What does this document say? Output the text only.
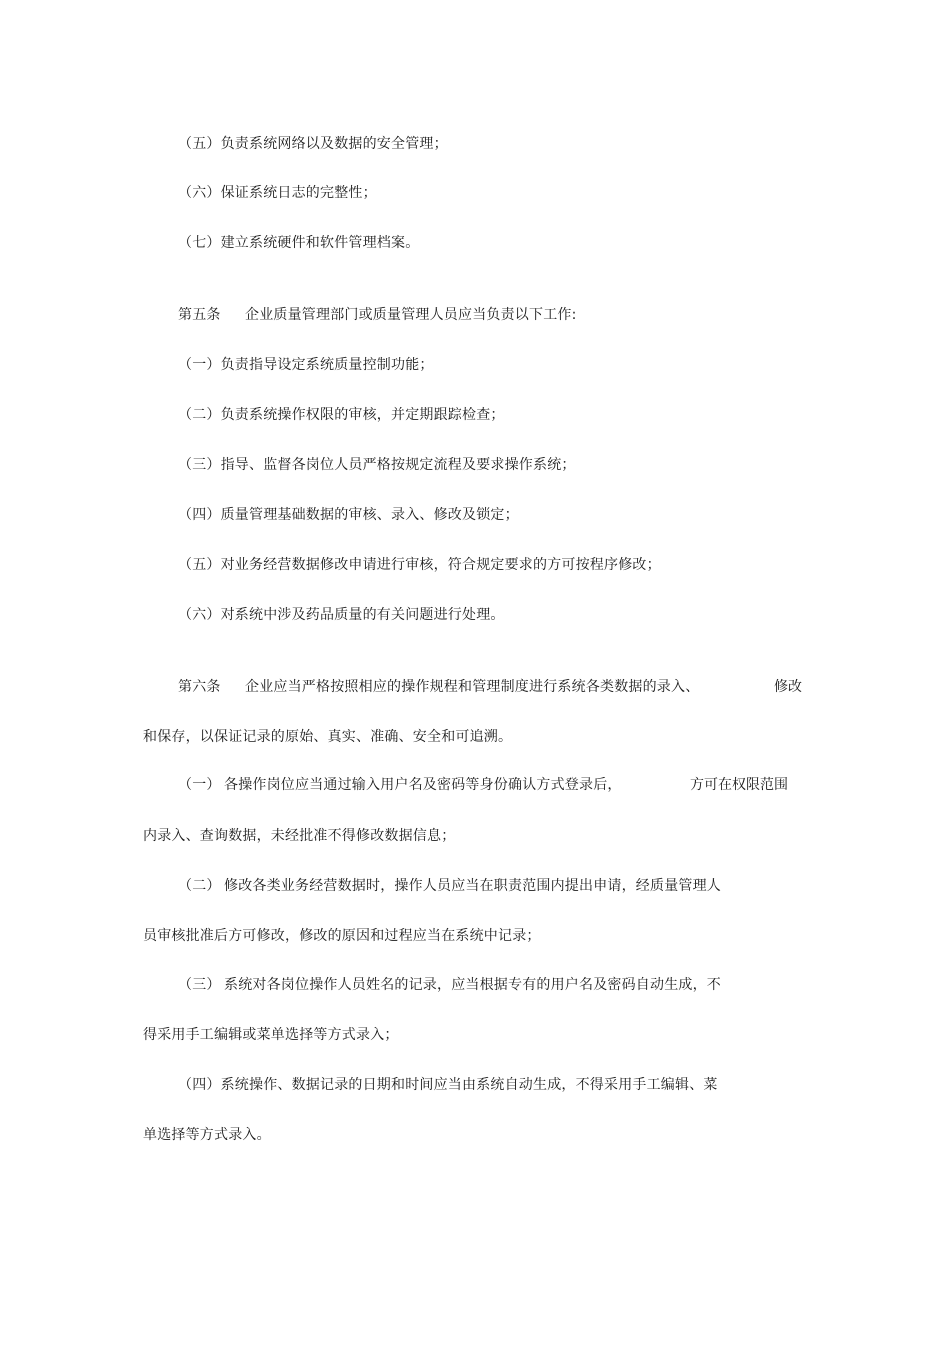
（五）负责系统网络以及数据的安全管理；
（六）保证系统日志的完整性；
（七）建立系统硬件和软件管理档案。
第五条 企业质量管理部门或质量管理人员应当负责以下工作:
（一）负责指导设定系统质量控制功能；
（二）负责系统操作权限的审核，并定期跟踪检查；
（三）指导、监督各岗位人员严格按规定流程及要求操作系统；
（四）质量管理基础数据的审核、录入、修改及锁定；
（五）对业务经营数据修改申请进行审核，符合规定要求的方可按程序修改；
（六）对系统中涉及药品质量的有关问题进行处理。
第六条 企业应当严格按照相应的操作规程和管理制度进行系统各类数据的录入、	修改
和保存，以保证记录的原始、真实、准确、安全和可追溯。
（一） 各操作岗位应当通过输入用户名及密码等身份确认方式登录后，	方可在权限范围
内录入、查询数据，未经批准不得修改数据信息；
（二） 修改各类业务经营数据时，操作人员应当在职责范围内提出申请，经质量管理人
员审核批准后方可修改，修改的原因和过程应当在系统中记录；
（三） 系统对各岗位操作人员姓名的记录，应当根据专有的用户名及密码自动生成，不
得采用手工编辑或菜单选择等方式录入；
（四）系统操作、数据记录的日期和时间应当由系统自动生成，不得采用手工编辑、菜
单选择等方式录入。
